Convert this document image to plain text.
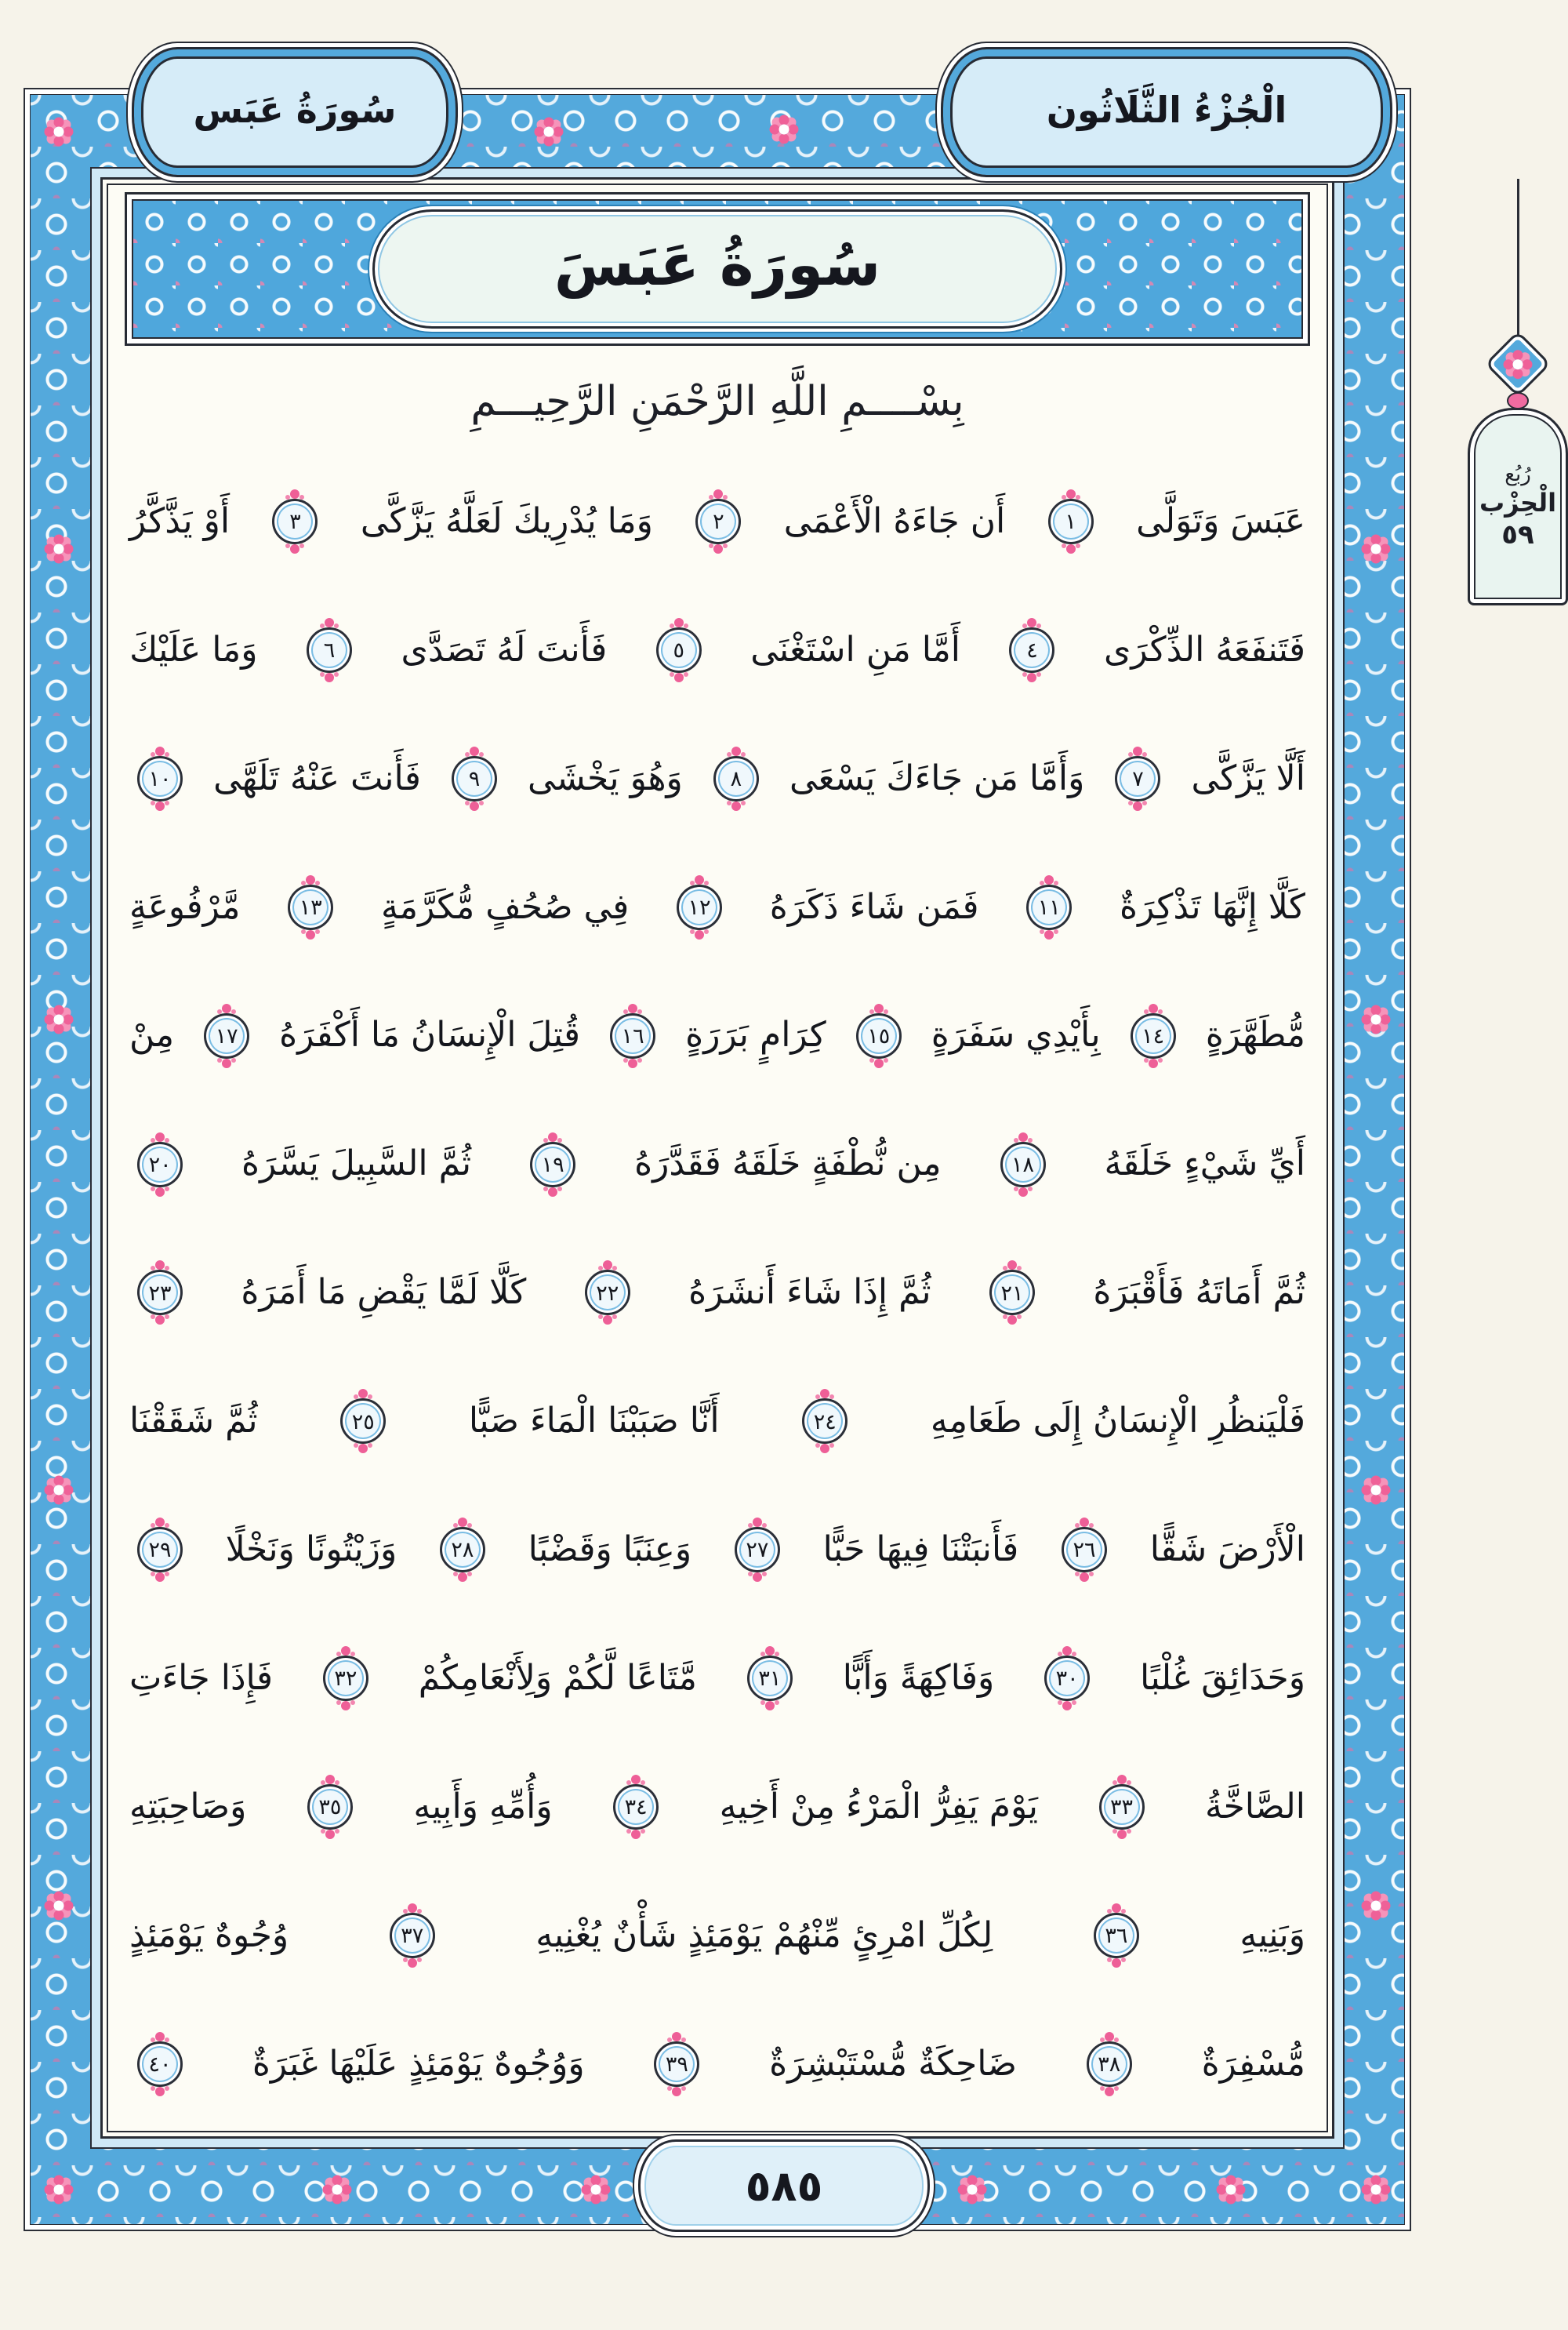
سُورَةُ عَبَسَ
بِسْــــمِ اللَّهِ الرَّحْمَنِ الرَّحِيـــمِ
عَبَسَ وَتَوَلَّى
١
أَن جَاءَهُ الْأَعْمَى
٢
وَمَا يُدْرِيكَ لَعَلَّهُ يَزَّكَّى
٣
أَوْ يَذَّكَّرُ
فَتَنفَعَهُ الذِّكْرَى
٤
أَمَّا مَنِ اسْتَغْنَى
٥
فَأَنتَ لَهُ تَصَدَّى
٦
وَمَا عَلَيْكَ
أَلَّا يَزَّكَّى
٧
وَأَمَّا مَن جَاءَكَ يَسْعَى
٨
وَهُوَ يَخْشَى
٩
فَأَنتَ عَنْهُ تَلَهَّى
١٠
كَلَّا إِنَّهَا تَذْكِرَةٌ
١١
فَمَن شَاءَ ذَكَرَهُ
١٢
فِي صُحُفٍ مُّكَرَّمَةٍ
١٣
مَّرْفُوعَةٍ
مُّطَهَّرَةٍ
١٤
بِأَيْدِي سَفَرَةٍ
١٥
كِرَامٍ بَرَرَةٍ
١٦
قُتِلَ الْإِنسَانُ مَا أَكْفَرَهُ
١٧
مِنْ
أَيِّ شَيْءٍ خَلَقَهُ
١٨
مِن نُّطْفَةٍ خَلَقَهُ فَقَدَّرَهُ
١٩
ثُمَّ السَّبِيلَ يَسَّرَهُ
٢٠
ثُمَّ أَمَاتَهُ فَأَقْبَرَهُ
٢١
ثُمَّ إِذَا شَاءَ أَنشَرَهُ
٢٢
كَلَّا لَمَّا يَقْضِ مَا أَمَرَهُ
٢٣
فَلْيَنظُرِ الْإِنسَانُ إِلَى طَعَامِهِ
٢٤
أَنَّا صَبَبْنَا الْمَاءَ صَبًّا
٢٥
ثُمَّ شَقَقْنَا
الْأَرْضَ شَقًّا
٢٦
فَأَنبَتْنَا فِيهَا حَبًّا
٢٧
وَعِنَبًا وَقَضْبًا
٢٨
وَزَيْتُونًا وَنَخْلًا
٢٩
وَحَدَائِقَ غُلْبًا
٣٠
وَفَاكِهَةً وَأَبًّا
٣١
مَّتَاعًا لَّكُمْ وَلِأَنْعَامِكُمْ
٣٢
فَإِذَا جَاءَتِ
الصَّاخَّةُ
٣٣
يَوْمَ يَفِرُّ الْمَرْءُ مِنْ أَخِيهِ
٣٤
وَأُمِّهِ وَأَبِيهِ
٣٥
وَصَاحِبَتِهِ
وَبَنِيهِ
٣٦
لِكُلِّ امْرِئٍ مِّنْهُمْ يَوْمَئِذٍ شَأْنٌ يُغْنِيهِ
٣٧
وُجُوهٌ يَوْمَئِذٍ
مُّسْفِرَةٌ
٣٨
ضَاحِكَةٌ مُّسْتَبْشِرَةٌ
٣٩
وَوُجُوهٌ يَوْمَئِذٍ عَلَيْهَا غَبَرَةٌ
٤٠
سُورَةُ عَبَس	الْجُزْءُ الثَّلَاثُون
رُبُع
الْحِزْب
٥٩
٥٨٥
